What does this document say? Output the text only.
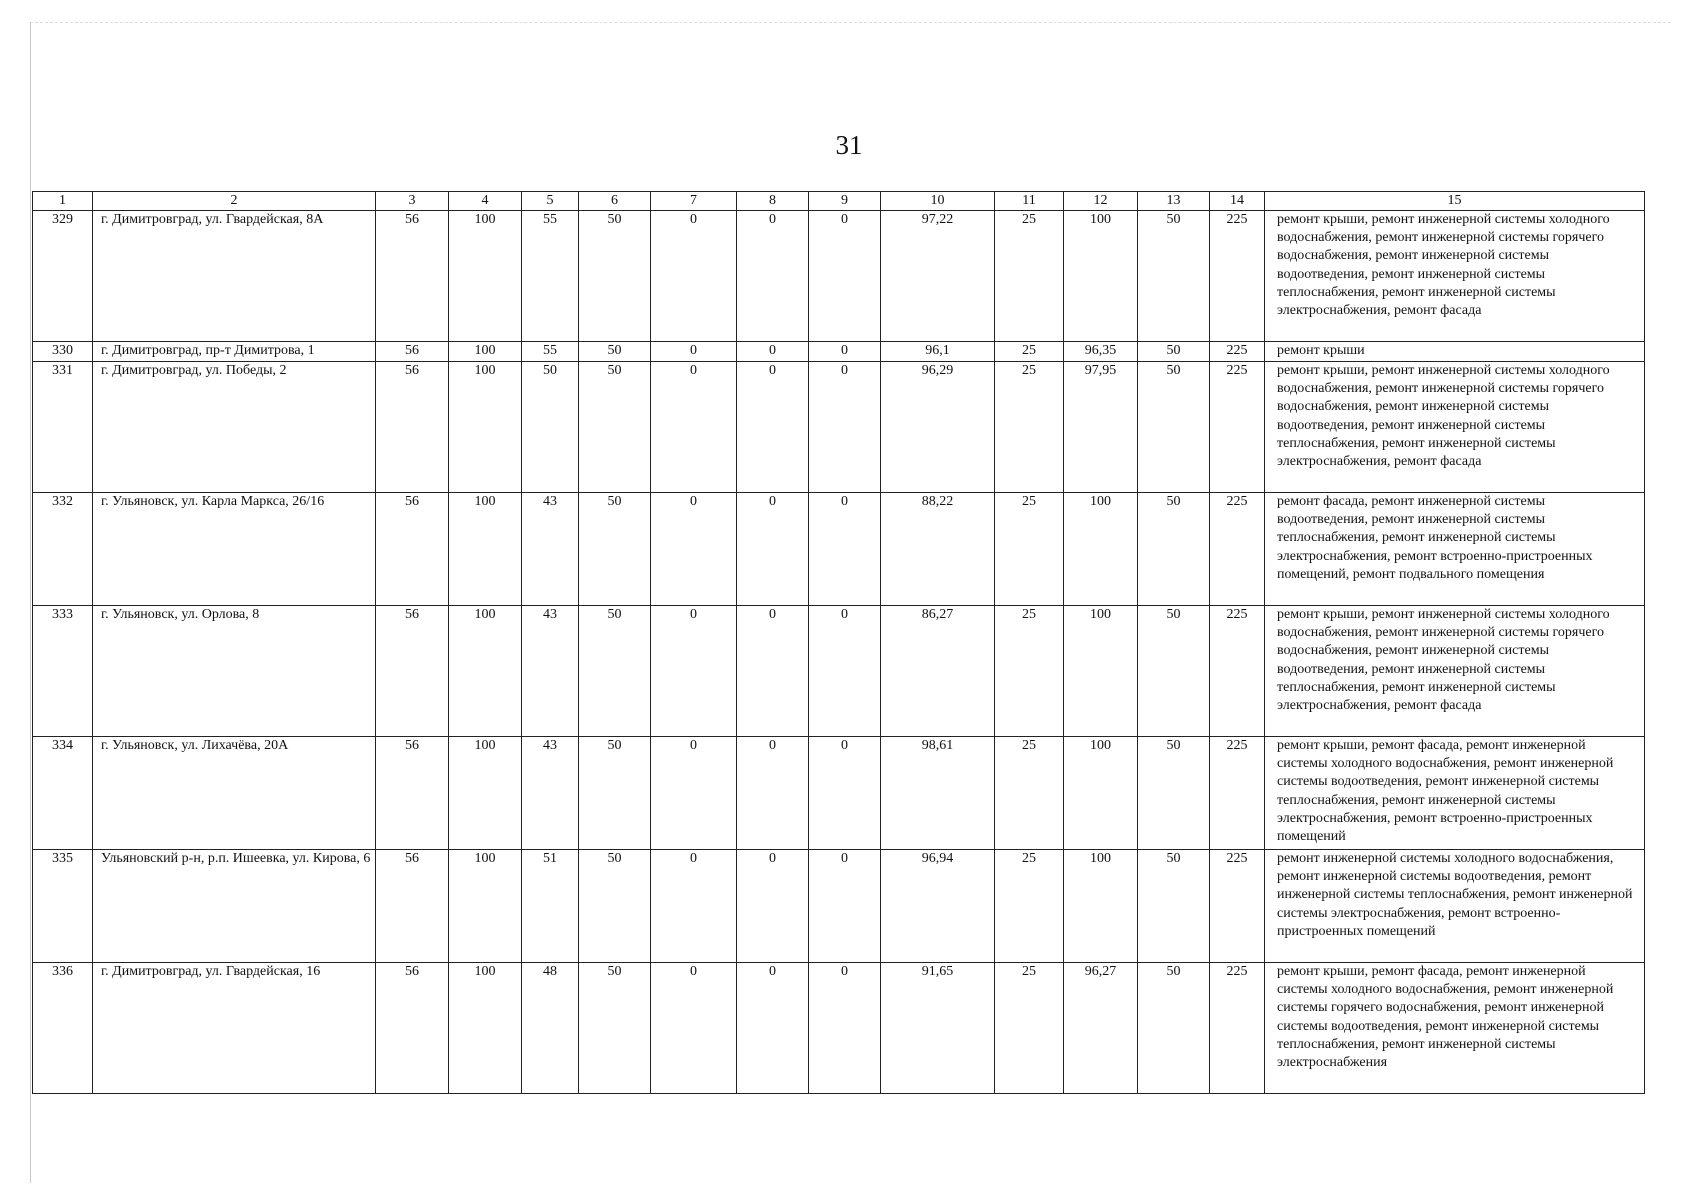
31
1	2	3	4	5	6	7	8	9	10	11	12	13	14	15
329	г. Димитровград, ул. Гвардейская, 8А	56	100	55	50	0	0	0	97,22	25	100	50	225	ремонт крыши, ремонт инженерной системы холодного водоснабжения, ремонт инженерной системы горячего водоснабжения, ремонт инженерной системы водоотведения, ремонт инженерной системы теплоснабжения, ремонт инженерной системы электроснабжения, ремонт фасада
330	г. Димитровград, пр-т Димитрова, 1	56	100	55	50	0	0	0	96,1	25	96,35	50	225	ремонт крыши
331	г. Димитровград, ул. Победы, 2	56	100	50	50	0	0	0	96,29	25	97,95	50	225	ремонт крыши, ремонт инженерной системы холодного водоснабжения, ремонт инженерной системы горячего водоснабжения, ремонт инженерной системы водоотведения, ремонт инженерной системы теплоснабжения, ремонт инженерной системы электроснабжения, ремонт фасада
332	г. Ульяновск, ул. Карла Маркса, 26/16	56	100	43	50	0	0	0	88,22	25	100	50	225	ремонт фасада, ремонт инженерной системы водоотведения, ремонт инженерной системы теплоснабжения, ремонт инженерной системы электроснабжения, ремонт встроенно-пристроенных помещений, ремонт подвального помещения
333	г. Ульяновск, ул. Орлова, 8	56	100	43	50	0	0	0	86,27	25	100	50	225	ремонт крыши, ремонт инженерной системы холодного водоснабжения, ремонт инженерной системы горячего водоснабжения, ремонт инженерной системы водоотведения, ремонт инженерной системы теплоснабжения, ремонт инженерной системы электроснабжения, ремонт фасада
334	г. Ульяновск, ул. Лихачёва, 20А	56	100	43	50	0	0	0	98,61	25	100	50	225	ремонт крыши, ремонт фасада, ремонт инженерной системы холодного водоснабжения, ремонт инженерной системы водоотведения, ремонт инженерной системы теплоснабжения, ремонт инженерной системы электроснабжения, ремонт встроенно-пристроенных помещений
335	Ульяновский р-н, р.п. Ишеевка, ул. Кирова, 6	56	100	51	50	0	0	0	96,94	25	100	50	225	ремонт инженерной системы холодного водоснабжения, ремонт инженерной системы водоотведения, ремонт инженерной системы теплоснабжения, ремонт инженерной системы электроснабжения, ремонт встроенно-пристроенных помещений
336	г. Димитровград, ул. Гвардейская, 16	56	100	48	50	0	0	0	91,65	25	96,27	50	225	ремонт крыши, ремонт фасада, ремонт инженерной системы холодного водоснабжения, ремонт инженерной системы горячего водоснабжения, ремонт инженерной системы водоотведения, ремонт инженерной системы теплоснабжения, ремонт инженерной системы электроснабжения
